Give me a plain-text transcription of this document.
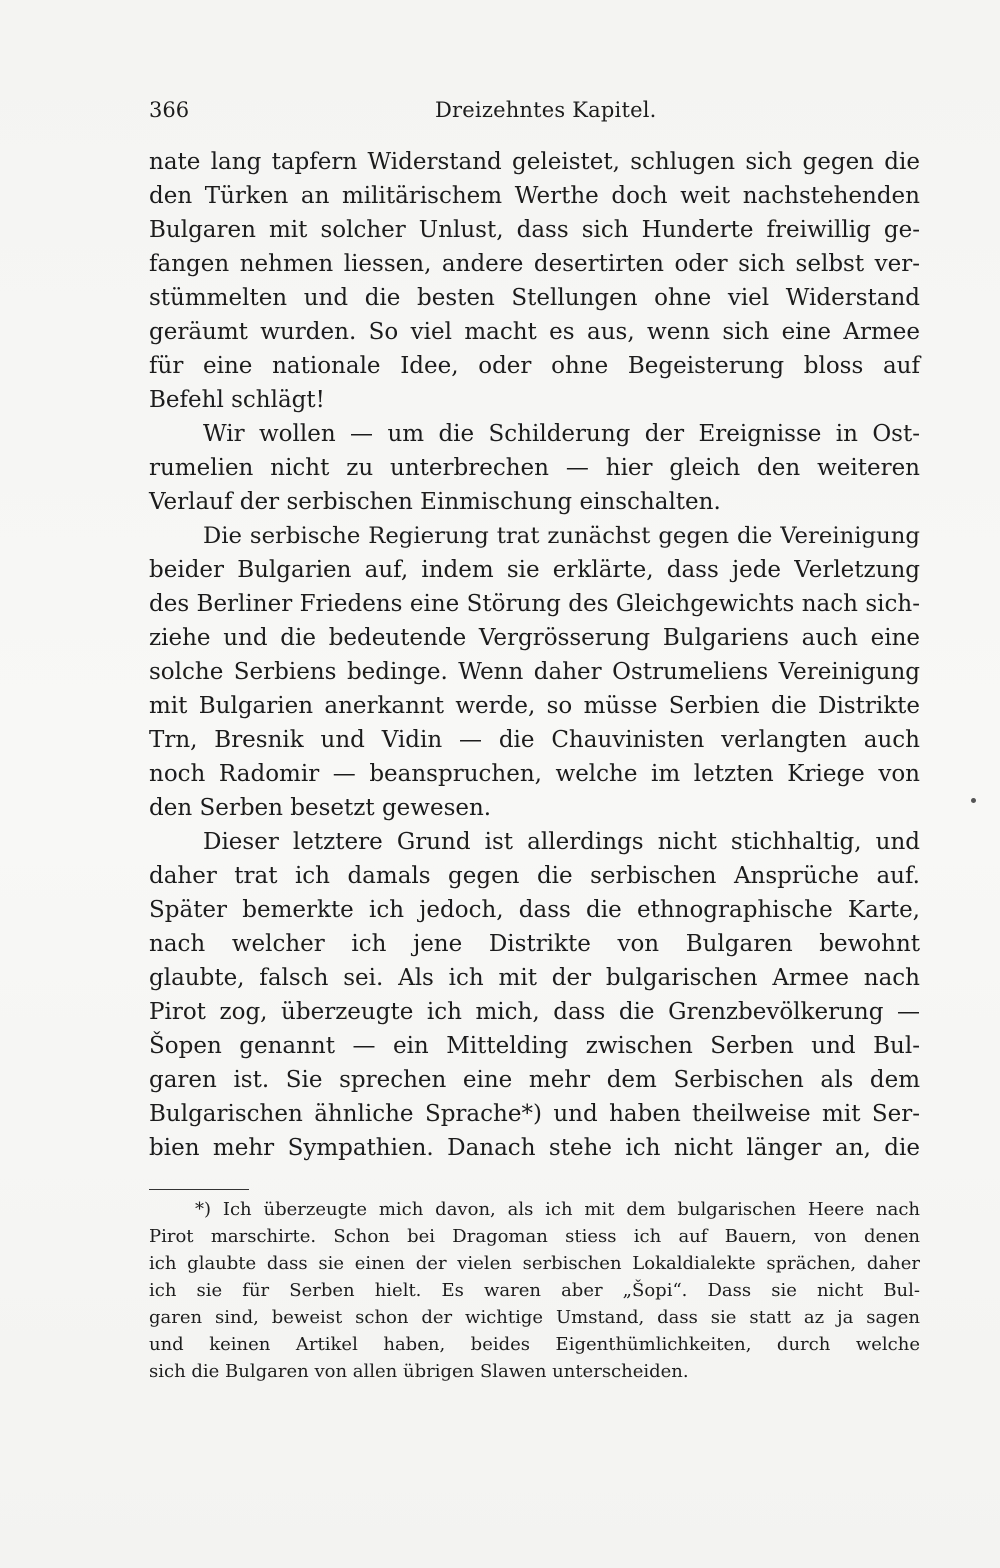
366	Dreizehntes Kapitel.
nate lang tapfern Widerstand geleistet, schlugen sich gegen die
den Türken an militärischem Werthe doch weit nachstehenden
Bulgaren mit solcher Unlust, dass sich Hunderte freiwillig ge-
fangen nehmen liessen, andere desertirten oder sich selbst ver-
stümmelten und die besten Stellungen ohne viel Widerstand
geräumt wurden. So viel macht es aus, wenn sich eine Armee
für eine nationale Idee, oder ohne Begeisterung bloss auf
Befehl schlägt!
Wir wollen — um die Schilderung der Ereignisse in Ost-
rumelien nicht zu unterbrechen — hier gleich den weiteren
Verlauf der serbischen Einmischung einschalten.
Die serbische Regierung trat zunächst gegen die Vereinigung
beider Bulgarien auf, indem sie erklärte, dass jede Verletzung
des Berliner Friedens eine Störung des Gleichgewichts nach sich-
ziehe und die bedeutende Vergrösserung Bulgariens auch eine
solche Serbiens bedinge. Wenn daher Ostrumeliens Vereinigung
mit Bulgarien anerkannt werde, so müsse Serbien die Distrikte
Trn, Bresnik und Vidin — die Chauvinisten verlangten auch
noch Radomir — beanspruchen, welche im letzten Kriege von
den Serben besetzt gewesen.
Dieser letztere Grund ist allerdings nicht stichhaltig, und
daher trat ich damals gegen die serbischen Ansprüche auf.
Später bemerkte ich jedoch, dass die ethnographische Karte,
nach welcher ich jene Distrikte von Bulgaren bewohnt
glaubte, falsch sei. Als ich mit der bulgarischen Armee nach
Pirot zog, überzeugte ich mich, dass die Grenzbevölkerung —
Šopen genannt — ein Mittelding zwischen Serben und Bul-
garen ist. Sie sprechen eine mehr dem Serbischen als dem
Bulgarischen ähnliche Sprache*) und haben theilweise mit Ser-
bien mehr Sympathien. Danach stehe ich nicht länger an, die
*) Ich überzeugte mich davon, als ich mit dem bulgarischen Heere nach
Pirot marschirte. Schon bei Dragoman stiess ich auf Bauern, von denen
ich glaubte dass sie einen der vielen serbischen Lokaldialekte sprächen, daher
ich sie für Serben hielt. Es waren aber „Šopi“. Dass sie nicht Bul-
garen sind, beweist schon der wichtige Umstand, dass sie statt az ja sagen
und keinen Artikel haben, beides Eigenthümlichkeiten, durch welche
sich die Bulgaren von allen übrigen Slawen unterscheiden.
